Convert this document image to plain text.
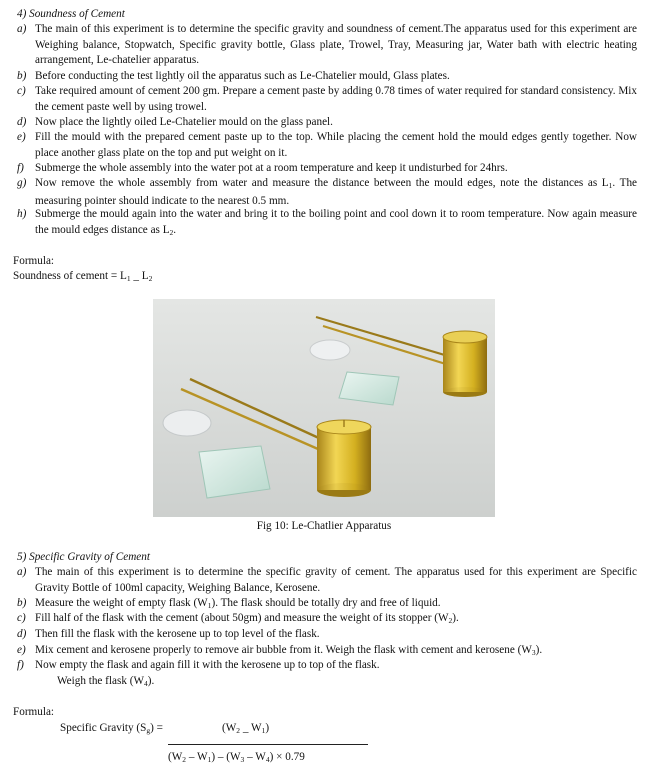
4) Soundness of Cement
a) The main of this experiment is to determine the specific gravity and soundness of cement.The apparatus used for this experiment are Weighing balance, Stopwatch, Specific gravity bottle, Glass plate, Trowel, Tray, Measuring jar, Water bath with electric heating arrangement, Le-chatelier apparatus.
b) Before conducting the test lightly oil the apparatus such as Le-Chatelier mould, Glass plates.
c) Take required amount of cement 200 gm. Prepare a cement paste by adding 0.78 times of water required for standard consistency. Mix the cement paste well by using trowel.
d) Now place the lightly oiled Le-Chatelier mould on the glass panel.
e) Fill the mould with the prepared cement paste up to the top. While placing the cement hold the mould edges gently together. Now place another glass plate on the top and put weight on it.
f) Submerge the whole assembly into the water pot at a room temperature and keep it undisturbed for 24hrs.
g) Now remove the whole assembly from water and measure the distance between the mould edges, note the distances as $L_1$. The measuring pointer should indicate to the nearest 0.5 mm.
h) Submerge the mould again into the water and bring it to the boiling point and cool down it to room temperature. Now again measure the mould edges distance as $L_2$.
Formula:
Soundness of cement = $L_1$ _ $L_2$
Fig 10: Le-Chatlier Apparatus
5) Specific Gravity of Cement
a) The main of this experiment is to determine the specific gravity of cement. The apparatus used for this experiment are Specific Gravity Bottle of 100ml capacity, Weighing Balance, Kerosene.
b) Measure the weight of empty flask $(W_1)$. The flask should be totally dry and free of liquid.
c) Fill half of the flask with the cement (about 50gm) and measure the weight of its stopper $(W_2)$.
d) Then fill the flask with the kerosene up to top level of the flask.
e) Mix cement and kerosene properly to remove air bubble from it. Weigh the flask with cement and kerosene $(W_3)$.
f) Now empty the flask and again fill it with the kerosene up to top of the flask.
Weigh the flask $(W_4)$.
Formula:
Specific Gravity $(S_g)$ =	($W_2$ _ $W_1$)
$(W_2 - W_1) - (W_3 - W_4) \times 0.79$
